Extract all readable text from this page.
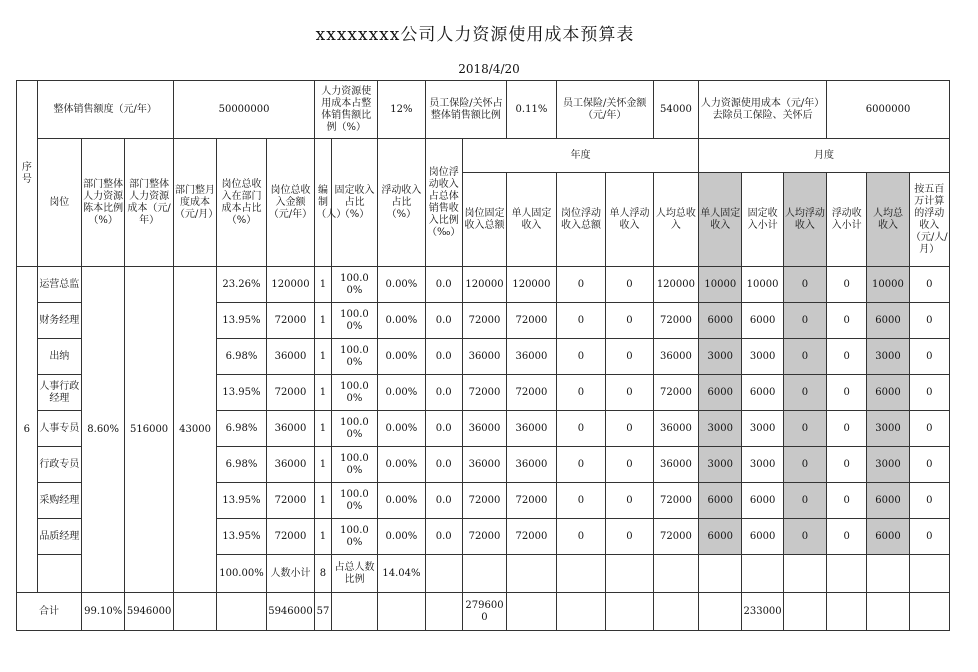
xxxxxxxx公司人力资源使用成本预算表
2018/4/20
序号	整体销售额度（元/年）			50000000			人力资源使用成本占整体销售额比例（%）		12%	员工保险/关怀占整体销售额比例		0.11%	员工保险/关怀金额（元/年）		54000	人力资源使用成本（元/年）去除员工保险、关怀后			6000000		
	岗位	部门整体人力资源陈本比例（%）	部门整体人力资源成本（元/年）	部门整月度成本（元/月）	岗位总收入在部门成本占比（%）	岗位总收入金额（元/年）	编制（人）	固定收入占比（%）	浮动收入占比（%）	岗位浮动收入占总体销售收入比例（‰）	年度					月度					
											岗位固定收入总额	单人固定收入	岗位浮动收入总额	单人浮动收入	人均总收入	单人固定收入	固定收入小计	人均浮动收入	浮动收入小计	人均总收入	按五百万计算的浮动收入（元/人/月）
6	运营总监	8.60%	516000	43000	23.26%	120000	1	100.00%	0.00%	0.0	120000	120000	0	0	120000	10000	10000	0	0	10000	0
	财务经理				13.95%	72000	1	100.00%	0.00%	0.0	72000	72000	0	0	72000	6000	6000	0	0	6000	0
	出纳				6.98%	36000	1	100.00%	0.00%	0.0	36000	36000	0	0	36000	3000	3000	0	0	3000	0
	人事行政经理				13.95%	72000	1	100.00%	0.00%	0.0	72000	72000	0	0	72000	6000	6000	0	0	6000	0
	人事专员				6.98%	36000	1	100.00%	0.00%	0.0	36000	36000	0	0	36000	3000	3000	0	0	3000	0
	行政专员				6.98%	36000	1	100.00%	0.00%	0.0	36000	36000	0	0	36000	3000	3000	0	0	3000	0
	采购经理				13.95%	72000	1	100.00%	0.00%	0.0	72000	72000	0	0	72000	6000	6000	0	0	6000	0
	品质经理				13.95%	72000	1	100.00%	0.00%	0.0	72000	72000	0	0	72000	6000	6000	0	0	6000	0
					100.00%	人数小计	8	占总人数比例	14.04%												
合计		99.10%	5946000			5946000	57				2796000						233000				
